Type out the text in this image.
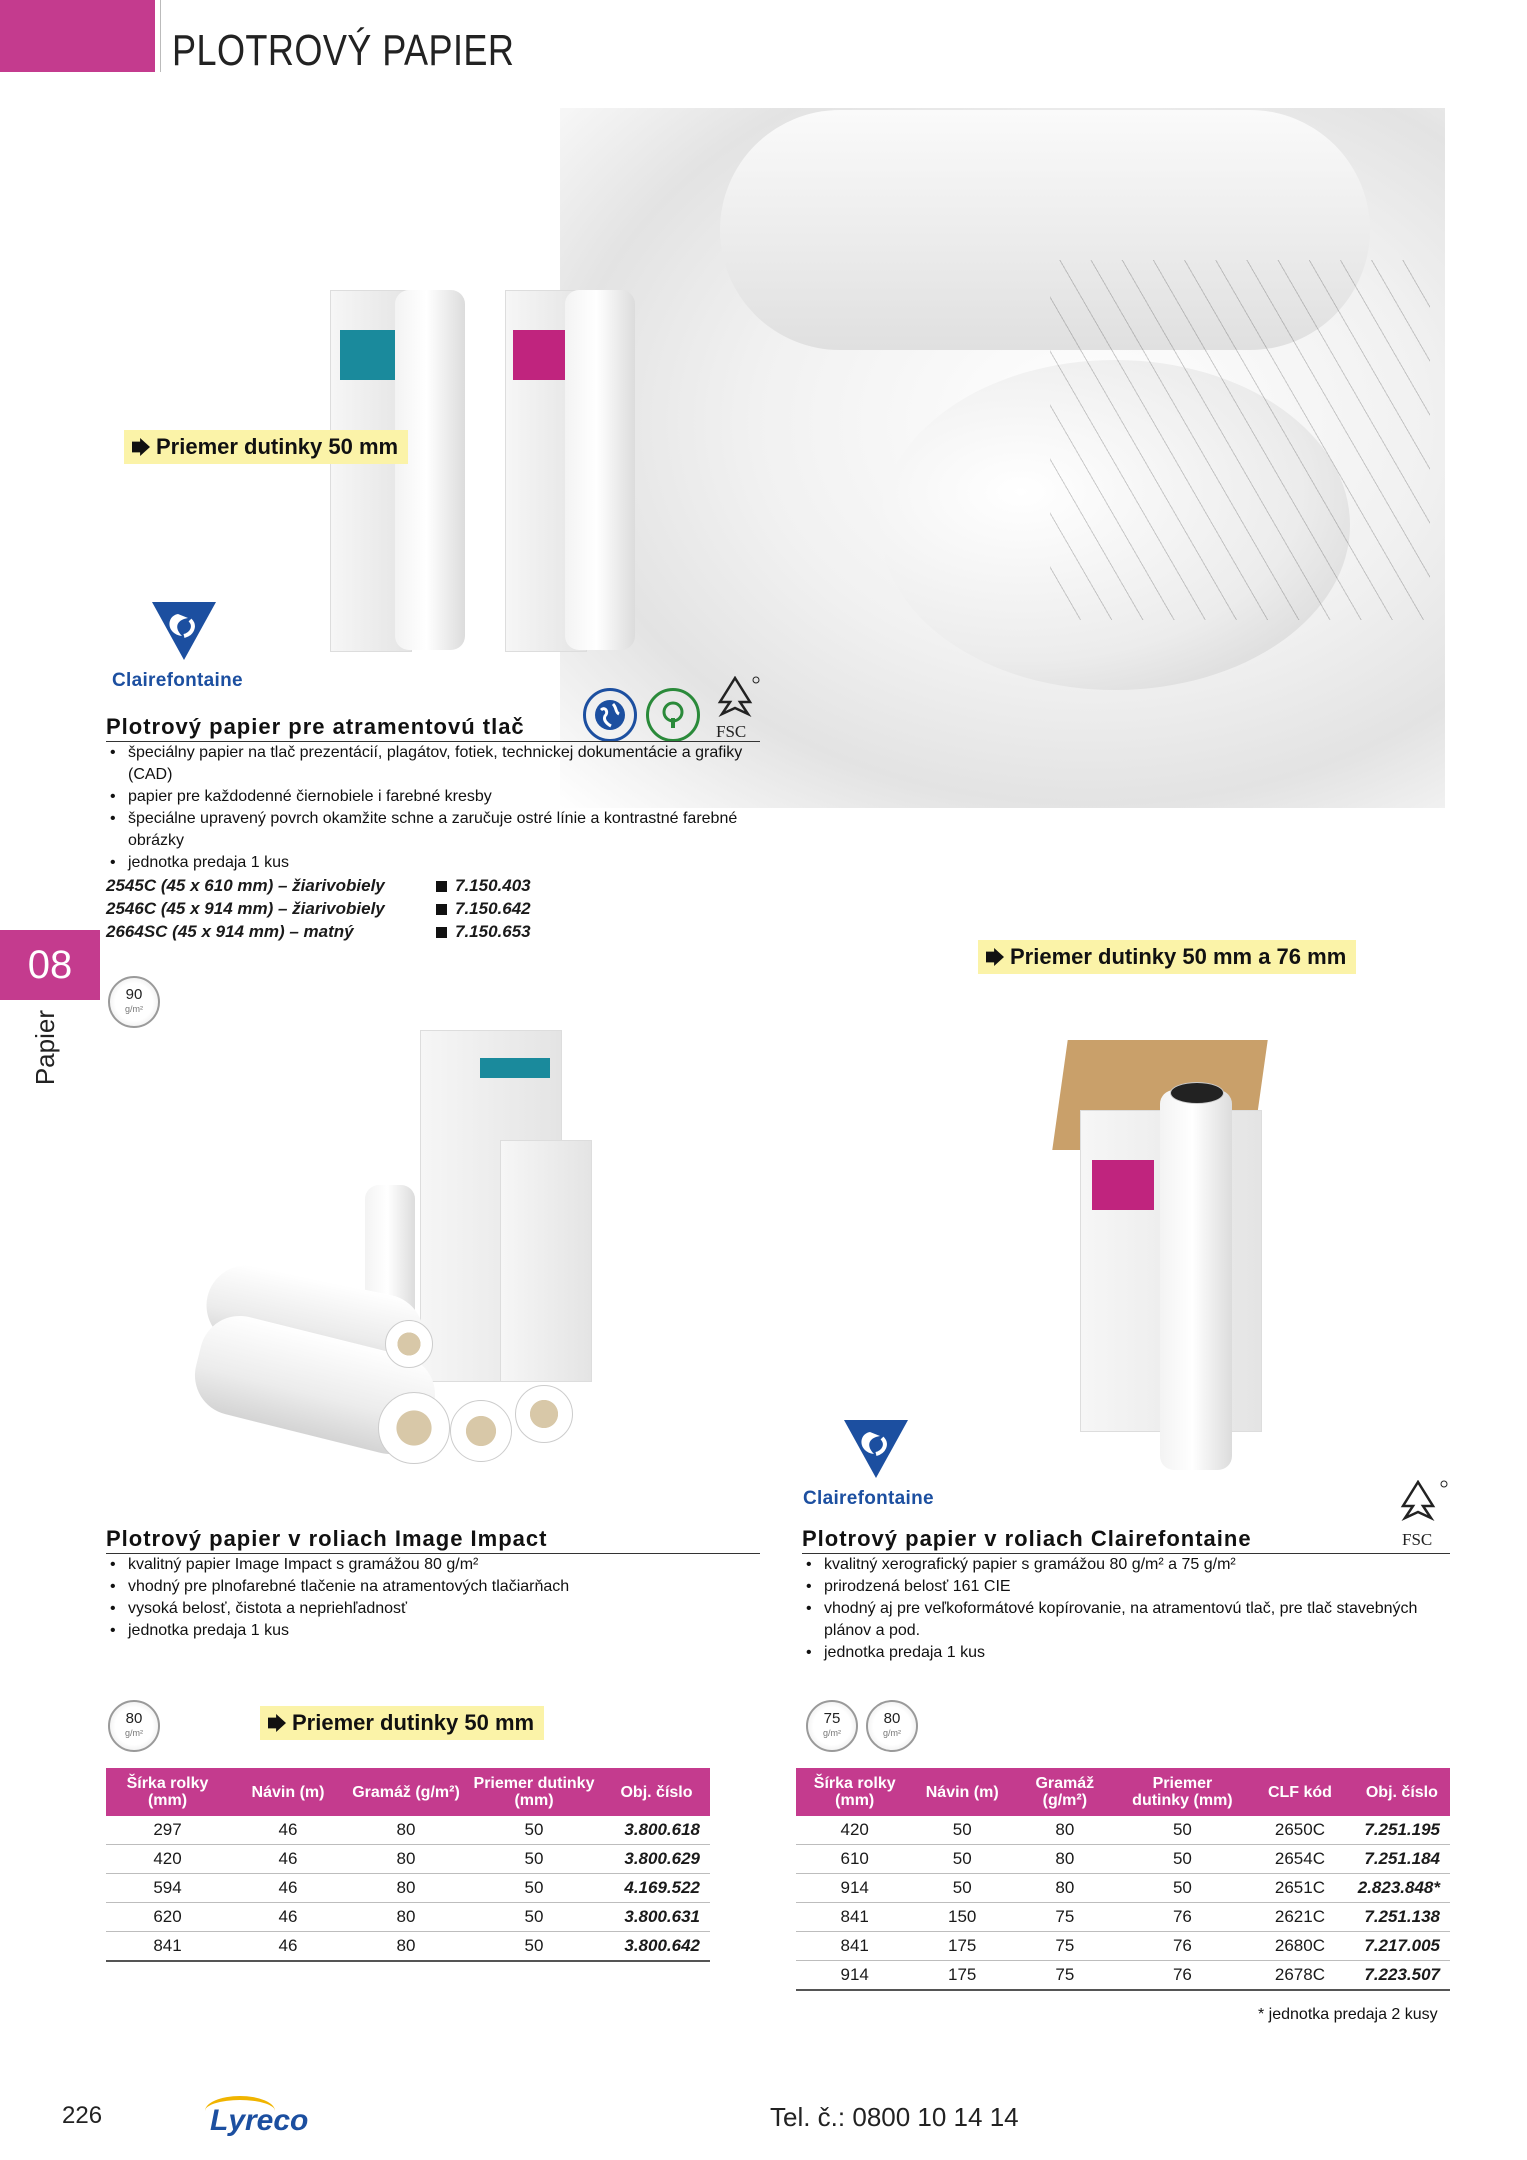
PLOTROVÝ PAPIER
08
Papier
Priemer dutinky 50 mm
Clairefontaine
FSC
Plotrový papier pre atramentovú tlač
• špeciálny papier na tlač prezentácií, plagátov, fotiek, technickej dokumentácie a grafiky (CAD)
• papier pre každodenné čiernobiele i farebné kresby
• špeciálne upravený povrch okamžite schne a zaručuje ostré línie a kontrastné farebné obrázky
• jednotka predaja 1 kus
2545C (45 x 610 mm) – žiarivobiely	7.150.403
2546C (45 x 914 mm) – žiarivobiely	7.150.642
2664SC (45 x 914 mm) – matný	7.150.653
90
g/m²
Priemer dutinky 50 mm a 76 mm
Clairefontaine
FSC
Plotrový papier v roliach Image Impact
• kvalitný papier Image Impact s gramážou 80 g/m²
• vhodný pre plnofarebné tlačenie na atramentových tlačiarňach
• vysoká belosť, čistota a nepriehľadnosť
• jednotka predaja 1 kus
Plotrový papier v roliach Clairefontaine
• kvalitný xerografický papier s gramážou 80 g/m² a 75 g/m²
• prirodzená belosť 161 CIE
• vhodný aj pre veľkoformátové kopírovanie, na atramentovú tlač, pre tlač stavebných plánov a pod.
• jednotka predaja 1 kus
80
g/m²	Priemer dutinky 50 mm	75
g/m²
80
g/m²
Šírka rolky (mm)	Návin (m)	Gramáž (g/m²)	Priemer dutinky (mm)	Obj. číslo
297	46	80	50	3.800.618
420	46	80	50	3.800.629
594	46	80	50	4.169.522
620	46	80	50	3.800.631
841	46	80	50	3.800.642
Šírka rolky (mm)	Návin (m)	Gramáž (g/m²)	Priemer dutinky (mm)	CLF kód	Obj. číslo
420	50	80	50	2650C	7.251.195
610	50	80	50	2654C	7.251.184
914	50	80	50	2651C	2.823.848*
841	150	75	76	2621C	7.251.138
841	175	75	76	2680C	7.217.005
914	175	75	76	2678C	7.223.507
* jednotka predaja 2 kusy
226	Lyreco	Tel. č.: 0800 10 14 14
